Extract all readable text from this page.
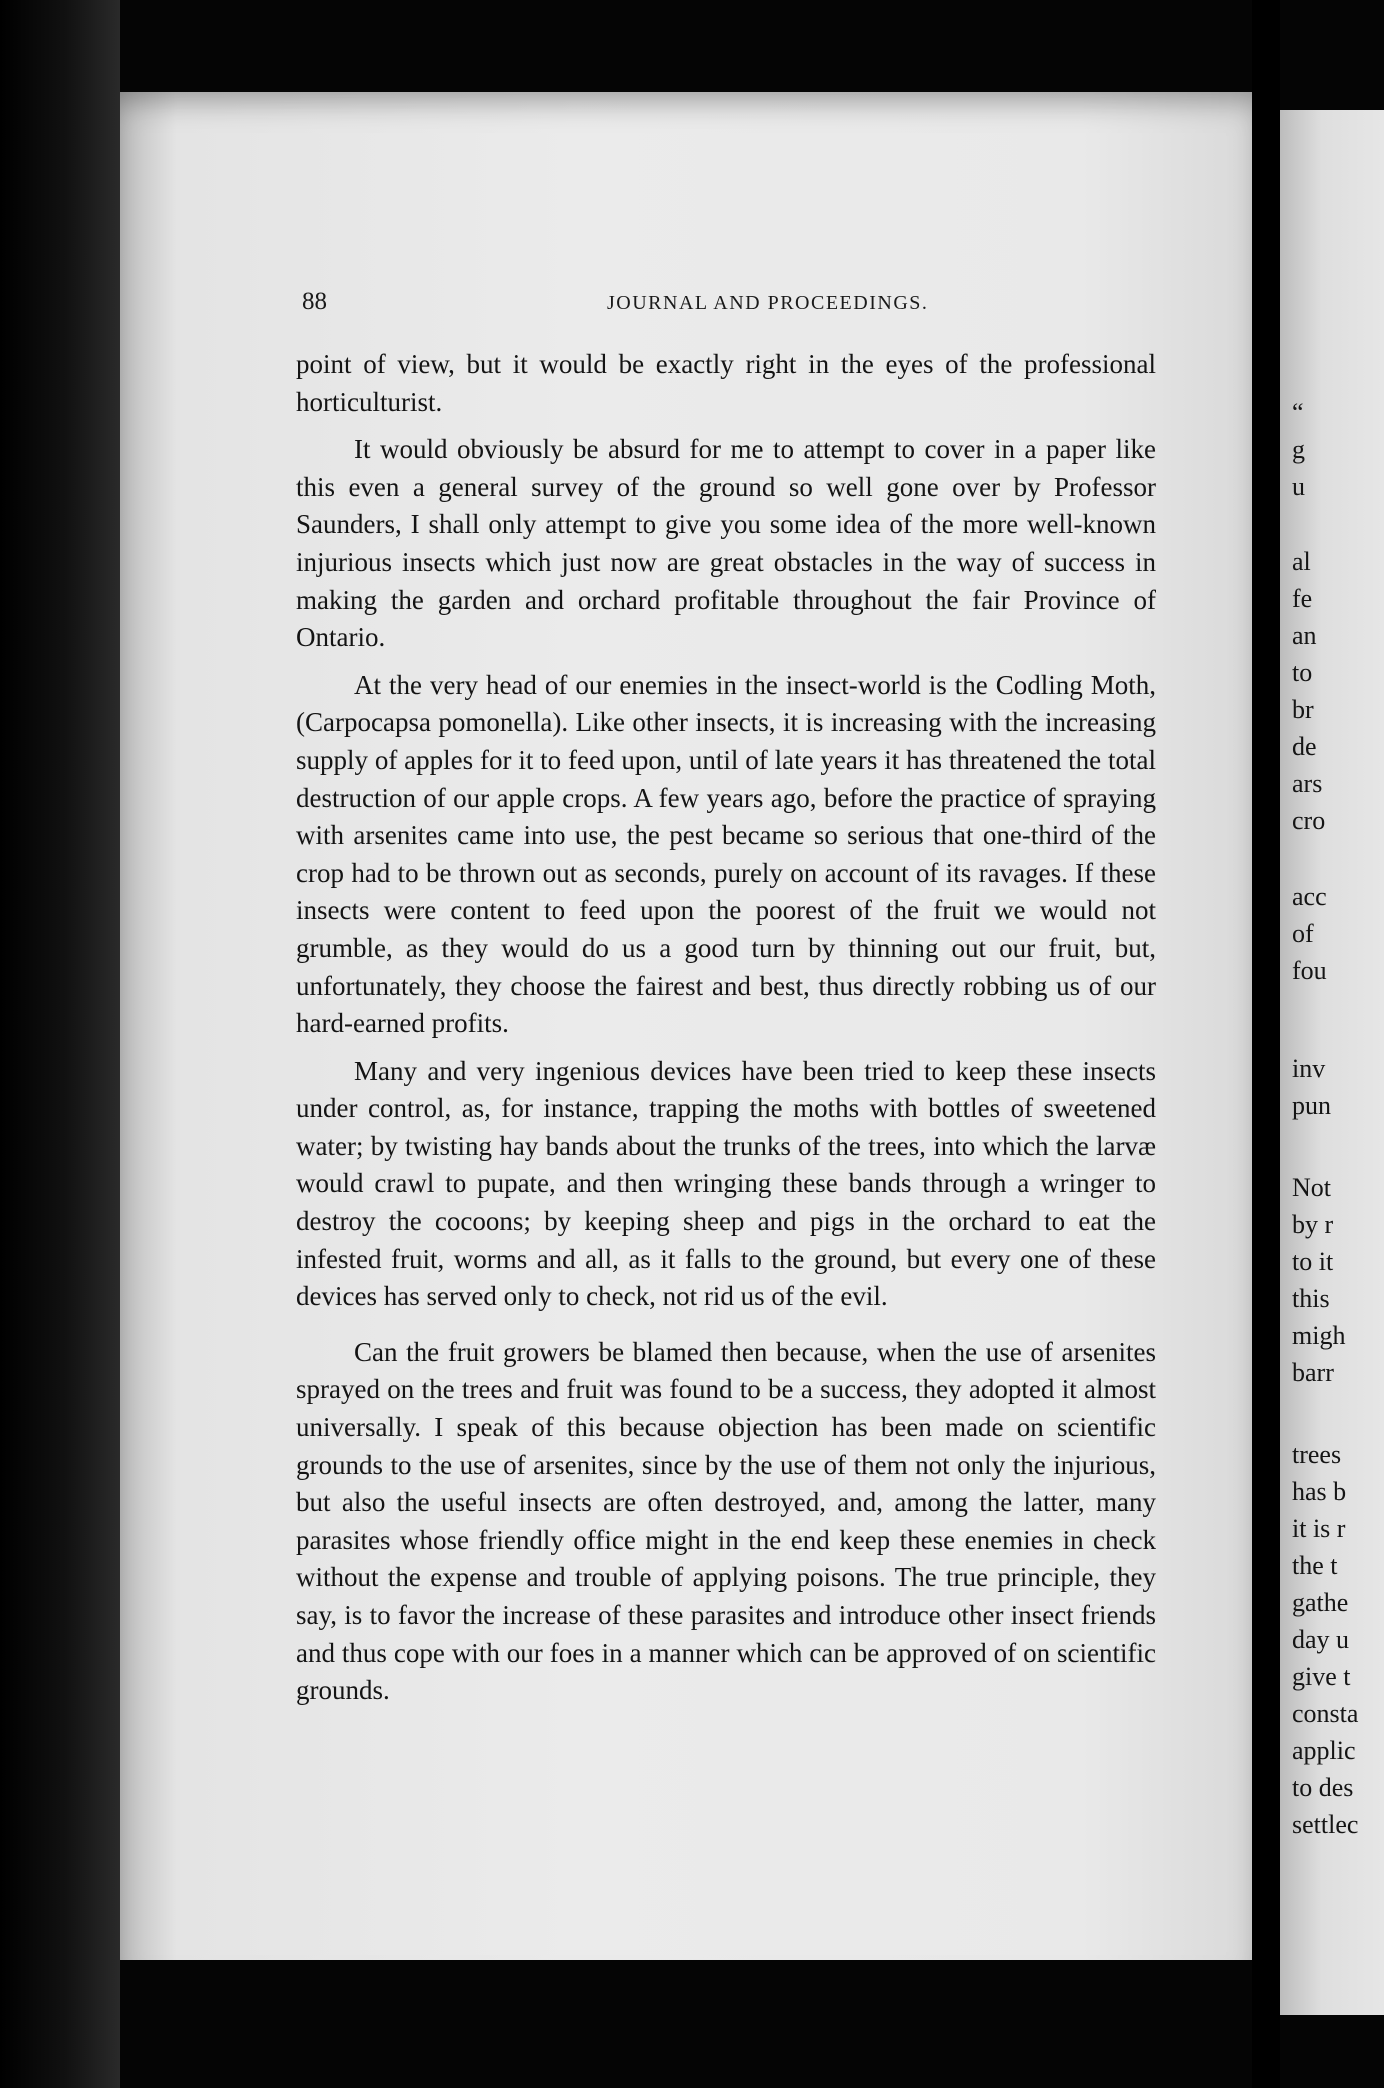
“
g
u
al
fe
an
to
br
de
ars
cro
acc
of
fou
inv
pun
Not
by r
to it
this
migh
barr
trees
has b
it is r
the t
gathe
day u
give t
consta
applic
to des
settlec
88	JOURNAL AND PROCEEDINGS.

point of view, but it would be exactly right in the eyes of the professional horticulturist.

It would obviously be absurd for me to attempt to cover in a paper like this even a general survey of the ground so well gone over by Professor Saunders, I shall only attempt to give you some idea of the more well-known injurious insects which just now are great obstacles in the way of success in making the garden and orchard profitable throughout the fair Province of Ontario.

At the very head of our enemies in the insect-world is the Codling Moth, (Carpocapsa pomonella). Like other insects, it is increasing with the increasing supply of apples for it to feed upon, until of late years it has threatened the total destruction of our apple crops. A few years ago, before the practice of spraying with arsenites came into use, the pest became so serious that one-third of the crop had to be thrown out as seconds, purely on account of its ravages. If these insects were content to feed upon the poorest of the fruit we would not grumble, as they would do us a good turn by thinning out our fruit, but, unfortunately, they choose the fairest and best, thus directly robbing us of our hard-earned profits.

Many and very ingenious devices have been tried to keep these insects under control, as, for instance, trapping the moths with bottles of sweetened water; by twisting hay bands about the trunks of the trees, into which the larvæ would crawl to pupate, and then wringing these bands through a wringer to destroy the cocoons; by keeping sheep and pigs in the orchard to eat the infested fruit, worms and all, as it falls to the ground, but every one of these devices has served only to check, not rid us of the evil.

Can the fruit growers be blamed then because, when the use of arsenites sprayed on the trees and fruit was found to be a success, they adopted it almost universally. I speak of this because objection has been made on scientific grounds to the use of arsenites, since by the use of them not only the injurious, but also the useful insects are often destroyed, and, among the latter, many parasites whose friendly office might in the end keep these enemies in check without the expense and trouble of applying poisons. The true principle, they say, is to favor the increase of these parasites and introduce other insect friends and thus cope with our foes in a manner which can be approved of on scientific grounds.
